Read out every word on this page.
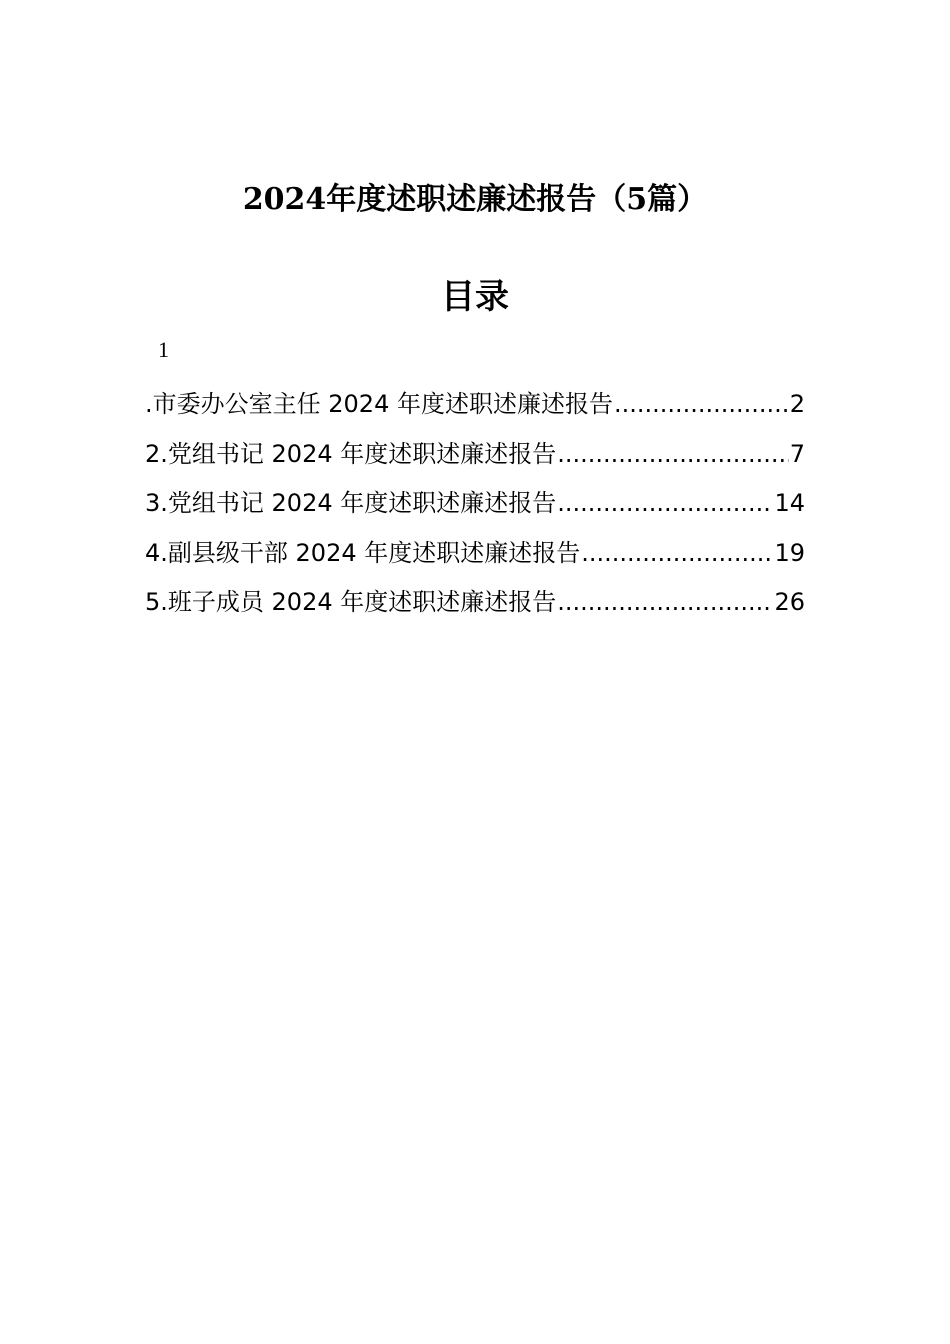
2024年度述职述廉述报告（5篇）
目录
1
.市委办公室主任 2024 年度述职述廉述报告 .....	2
2.党组书记 2024 年度述职述廉述报告 .....	7
3.党组书记 2024 年度述职述廉述报告 .....	14
4.副县级干部 2024 年度述职述廉述报告 .....	19
5.班子成员 2024 年度述职述廉述报告 .....	26
